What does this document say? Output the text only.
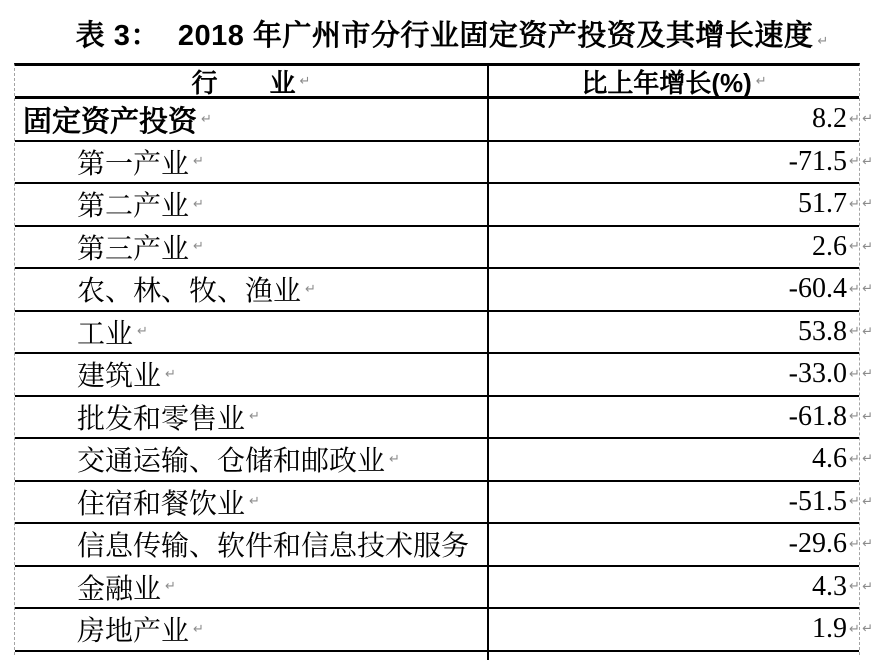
表 3： 2018 年广州市分行业固定资产投资及其增长速度 ↵
行　　业 ↵	比上年增长(%) ↵
固定资产投资 ↵	8.2 ↵ ↵
第一产业 ↵	-71.5 ↵ ↵
第二产业 ↵	51.7 ↵ ↵
第三产业 ↵	2.6 ↵ ↵
农、林、牧、渔业 ↵	-60.4 ↵ ↵
工业 ↵	53.8 ↵ ↵
建筑业 ↵	-33.0 ↵ ↵
批发和零售业 ↵	-61.8 ↵ ↵
交通运输、仓储和邮政业 ↵	4.6 ↵ ↵
住宿和餐饮业 ↵	-51.5 ↵ ↵
信息传输、软件和信息技术服务	-29.6 ↵ ↵
金融业 ↵	4.3 ↵ ↵
房地产业 ↵	1.9 ↵ ↵
